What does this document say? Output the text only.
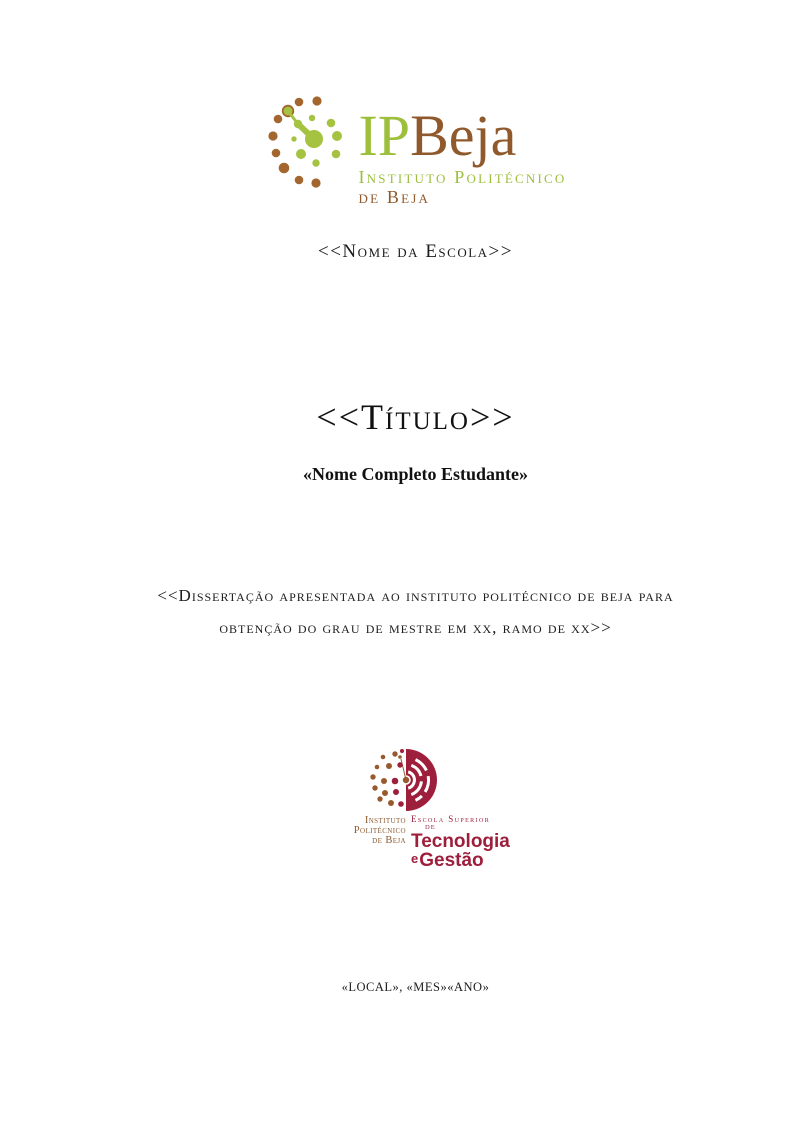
IPBeja
Instituto Politécnico
de Beja
<<Nome da Escola>>
<<Título>>
«Nome Completo Estudante»
<<Dissertação apresentada ao instituto politécnico de beja para
obtenção do grau de mestre em xx, ramo de xx>>
Instituto
Politécnico
de Beja
Escola Superior
DE
Tecnologia
eGestão
«LOCAL», «MES»«ANO»
